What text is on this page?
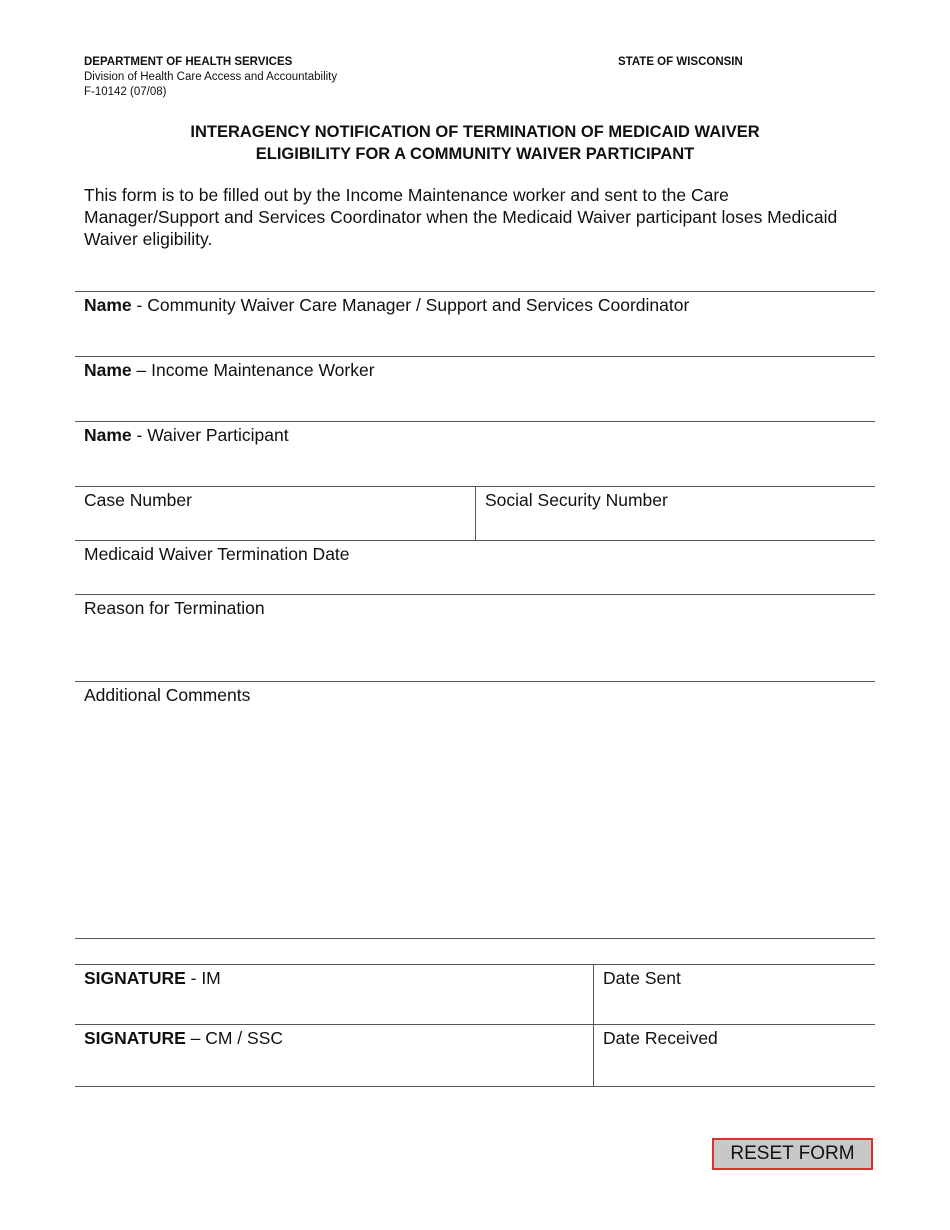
DEPARTMENT OF HEALTH SERVICES
Division of Health Care Access and Accountability
F-10142 (07/08)
STATE OF WISCONSIN
INTERAGENCY NOTIFICATION OF TERMINATION OF MEDICAID WAIVER
ELIGIBILITY FOR A COMMUNITY WAIVER PARTICIPANT
This form is to be filled out by the Income Maintenance worker and sent to the Care Manager/Support and Services Coordinator when the Medicaid Waiver participant loses Medicaid Waiver eligibility.
Name - Community Waiver Care Manager / Support and Services Coordinator
Name – Income Maintenance Worker
Name - Waiver Participant
Case Number	Social Security Number
Medicaid Waiver Termination Date
Reason for Termination
Additional Comments
SIGNATURE - IM	Date Sent
SIGNATURE – CM / SSC	Date Received
RESET FORM
